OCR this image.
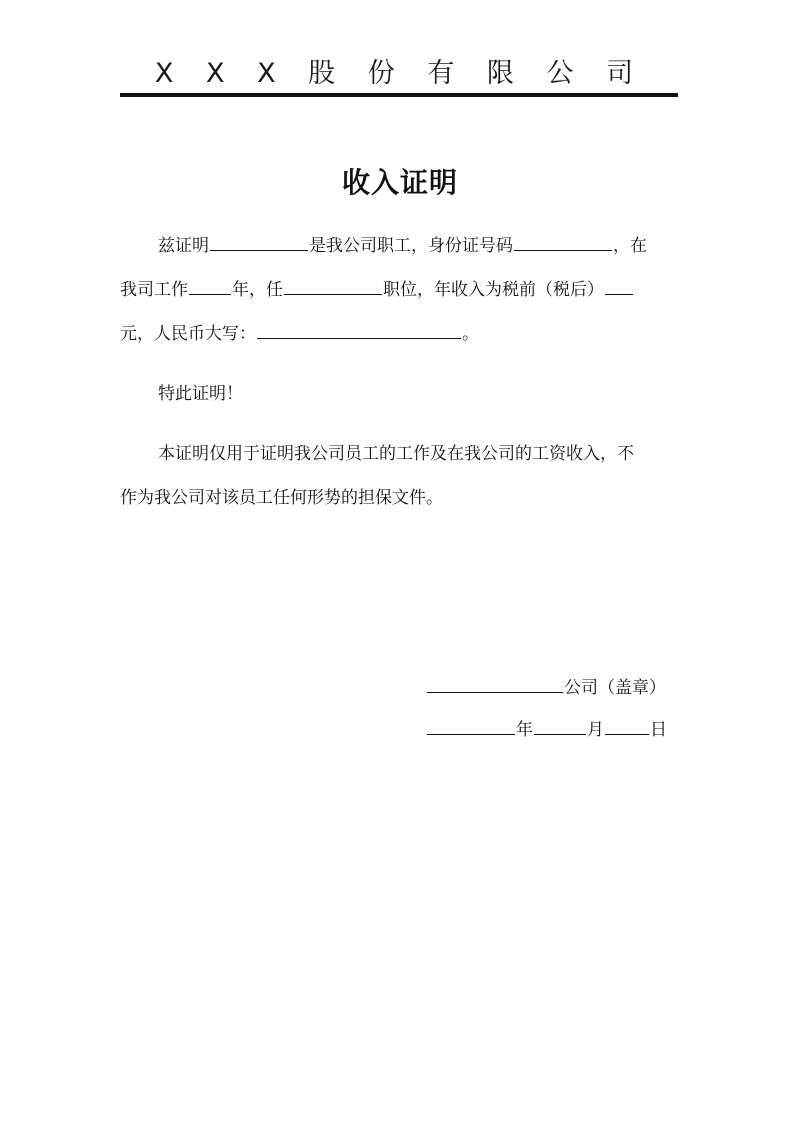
X X X 股 份 有 限 公 司
收入证明
兹证明	是我公司职工，身份证号码	，在
我司工作	年，任	职位，年收入为税前（税后）
元，人民币大写：	。
特此证明！
本证明仅用于证明我公司员工的工作及在我公司的工资收入，不
作为我公司对该员工任何形势的担保文件。
公司（盖章）
年	月	日
